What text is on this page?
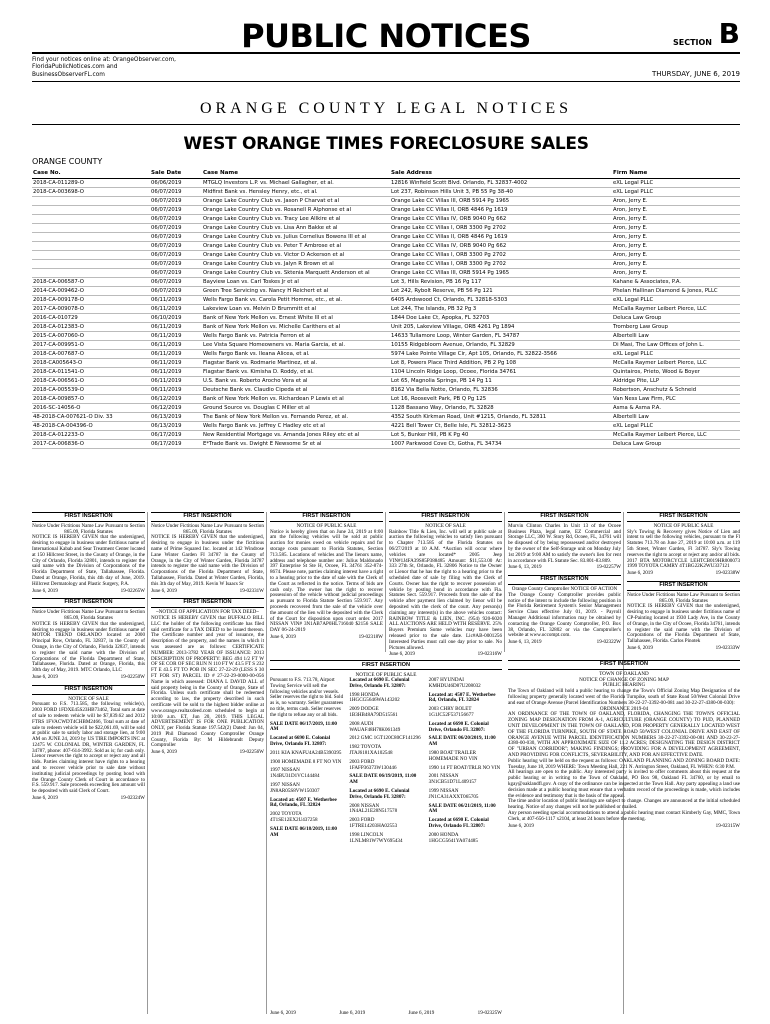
PUBLIC NOTICES	SECTION B
Find your notices online at: OrangeObserver.com,
FloridaPublicNotices.com and
BusinessObserverFL.com	THURSDAY, JUNE 6, 2019
ORANGE COUNTY LEGAL NOTICES
WEST ORANGE TIMES FORECLOSURE SALES
ORANGE COUNTY
Case No.	Sale Date	Case Name	Sale Address	Firm Name
2018-CA-011289-O	06/06/2019	MTGLQ Investors L.P. vs. Michael Gallagher, et al.	12816 Winfield Scott Blvd. Orlando, FL 32837-4002	eXL Legal PLLC
2018-CA-003698-O	06/07/2019	Midfirst Bank vs. Hensley Henry, etc., et al.	Lot 237, Robinson Hills Unit 3, PB 55 Pg 38-40	eXL Legal PLLC
	06/07/2019	Orange Lake Country Club vs. Jason P Charvat et al	Orange Lake CC Villas III, ORB 5914 Pg 1965	Aron, Jerry E.
	06/07/2019	Orange Lake Country Club vs. Rosanell R Alphonse et al	Orange Lake CC Villas II, ORB 4846 Pg 1619	Aron, Jerry E.
	06/07/2019	Orange Lake Country Club vs. Tracy Lee Allkire et al	Orange Lake CC Villas IV, ORB 9040 Pg 662	Aron, Jerry E.
	06/07/2019	Orange Lake Country Club vs. Lisa Ann Bakke et al	Orange Lake CC Villas I, ORB 3300 Pg 2702	Aron, Jerry E.
	06/07/2019	Orange Lake Country Club vs. Julius Cornelius Bowens III et al	Orange Lake CC Villas II, ORB 4846 Pg 1619	Aron, Jerry E.
	06/07/2019	Orange Lake Country Club vs. Peter T Ambrose et al	Orange Lake CC Villas IV, ORB 9040 Pg 662	Aron, Jerry E.
	06/07/2019	Orange Lake Country Club vs. Victor D Ackerson et al	Orange Lake CC Villas I, ORB 3300 Pg 2702	Aron, Jerry E.
	06/07/2019	Orange Lake Country Club vs. Jalyn R Brown et al	Orange Lake CC Villas I, ORB 3300 Pg 2702	Aron, Jerry E.
	06/07/2019	Orange Lake Country Club vs. Sktenia Marquett Anderson et al	Orange Lake CC Villas III, ORB 5914 Pg 1965	Aron, Jerry E.
2018-CA-006587-O	06/07/2019	Bayview Loan vs. Carl Toskes Jr et al	Lot 3, Hills Revision, PB 16 Pg 117	Kahane & Associates, P.A.
2014-CA-009462-O	06/07/2019	Green Tree Servicing vs. Nancy H Reichert et al	Lot 242, Rybolt Reserve, PB 56 Pg 121	Phelan Hallinan Diamond & Jones, PLLC
2018-CA-009178-O	06/11/2019	Wells Fargo Bank vs. Carola Petit Homme, etc., et al.	6405 Ardswood Ct, Orlando, FL 32818-5303	eXL Legal PLLC
2017-CA-009078-O	06/11/2019	Lakeview Loan vs. Melvin D Brummitt et al	Lot 244, The Islands, PB 32 Pg 3	McCalla Raymer Leibert Pierce, LLC
2016-CA-010729	06/10/2019	Bank of New York Mellon vs. Ernest White III et al	1844 Doe Lake Ct, Apopka, FL 32703	Deluca Law Group
2018-CA-012383-O	06/11/2019	Bank of New York Mellon vs. Michelle Carithers et al	Unit 205, Lakeview Village, ORB 4261 Pg 1894	Tromberg Law Group
2015-CA-007060-O	06/11/2019	Wells Fargo Bank vs. Patricia Ferron et al	14633 Tullamore Loop, Winter Garden, FL 34787	Albertelli Law
2017-CA-009951-O	06/11/2019	Lee Vista Square Homeowners vs. Maria Garcia, et al.	10155 Ridgebloom Avenue, Orlando, FL 32829	Di Masi, The Law Offices of John L.
2018-CA-007687-O	06/11/2019	Wells Fargo Bank vs. Ileana Alicea, et al.	5974 Lake Pointe Village Cir, Apt 105, Orlando, FL 32822-3566	eXL Legal PLLC
2018-CA005643-O	06/11/2019	Flagstar Bank vs. Rodmarie Martinez, et al.	Lot 8, Powers Place Third Addition, PB 2 Pg 108	McCalla Raymer Leibert Pierce, LLC
2018-CA-011541-O	06/11/2019	Flagstar Bank vs. Kimisha D. Roddy, et al.	1104 Lincoln Ridge Loop, Ocoee, Florida 34761	Quintairos, Prieto, Wood & Boyer
2018-CA-006561-O	06/11/2019	U.S. Bank vs. Roberto Arocho Vera et al	Lot 65, Magnolia Springs, PB 14 Pg 11	Aldridge Pite, LLP
2018-CA-005539-O	06/11/2019	Deutsche Bank vs. Claudio Cipeda et al	8162 Via Bella Notte, Orlando, FL 32836	Robertson, Anschutz & Schneid
2018-CA-009857-O	06/12/2019	Bank of New York Mellon vs. Richardean P Lewis et al	Lot 16, Roosevelt Park, PB Q Pg 125	Van Ness Law Firm, PLC
2016-SC-14056-O	06/12/2019	Ground Source vs. Douglas C Miller et al	1128 Bassano Way, Orlando, FL 32828	Asma & Asma P.A.
48-2018-CA-007621-O Div. 33	06/13/2019	The Bank of New York Mellon vs. Fernando Perez, et al.	4352 South Kirkman Road, Unit #1215, Orlando, FL 32811	Albertelli Law
48-2018-CA-004396-O	06/13/2019	Wells Fargo Bank vs. Jeffrey C Hadley etc et al	4221 Bell Tower Ct, Belle Isle, FL 32812-3623	eXL Legal PLLC
2018-CA-012233-O	06/17/2019	New Residential Mortgage vs. Amanda Jones Riley etc et al	Lot 5, Bunker Hill, PB K Pg 40	McCalla Raymer Leibert Pierce, LLC
2017-CA-006836-O	06/17/2019	E*Trade Bank vs. Dwight E Newsome Sr et al	1007 Parkwood Cove Ct, Gotha, FL 34734	Deluca Law Group
FIRST INSERTION
Notice Under Fictitious Name Law Pursuant to Section 865.09, Florida Statutes
NOTICE IS HEREBY GIVEN that the undersigned, desiring to engage in business under fictitious name of International Kabab and Sear Treatment Center located at 150 Hillcrest Street, in the County of Orange, in the City of Orlando, Florida 32801, intends to register the said name with the Division of Corporations of the Florida Department of State, Tallahassee, Florida. Dated at Orange, Florida, this 4th day of June, 2019. Hillcrest Dermatology and Plastic Surgery, P.A.
June 6, 2019	19-02265W
FIRST INSERTION
Notice Under Fictitious Name Law Pursuant to Section 865.09, Florida Statutes
NOTICE IS HEREBY GIVEN that the undersigned, desiring to engage in business under fictitious name of MOTOR TREND ORLANDO located at 2000 Principal Row, Orlando, FL 32837, in the County of Orange, in the City of Orlando, Florida 32837, intends to register the said name with the Division of Corporations of the Florida Department of State, Tallahassee, Florida. Dated at Orange, Florida, this 30th day of May, 2019. MTC Orlando, LLC
June 6, 2019	19-02250W
FIRST INSERTION
NOTICE OF SALE
Pursuant to F.S. 713.585, the following vehicle(s), 2003 FORD 1FDXE45S23HB73462, Total sum at date of sale to redeem vehicle will be $7,839.62 and 2012 FTRS 1FVACWDT4CHBM2466, Total sum at date of sale to redeem vehicle will be $22,061.69, will be sold at public sale to satisfy labor and storage lien, at 9:00 AM on JUNE 24, 2019 by US TIRE IMPORTS INC at 12475 W. COLONIAL DR, WINTER GARDEN, FL 34787, phone: 407-614-3992. Sold as is; for cash only. Lienor reserves the right to accept or reject any and all bids. Parties claiming interest have rights to a hearing and to recover vehicle prior to sale date without instituting judicial proceedings by posting bond with the Orange County Clerk of Court in accordance to F.S. 559.917. Sale proceeds exceeding lien amount will be deposited with said Clerk of Court.
June 6, 2019	19-02324W
FIRST INSERTION
Notice Under Fictitious Name Law Pursuant to Section 865.09, Florida Statutes
NOTICE IS HEREBY GIVEN that the undersigned, desiring to engage in business under the fictitious name of Prime Squared Inc. located at 142 Windrose Lane Winter Garden FI 34787 in the County of Orange, in the City of Winter Garden, Florida 34787 intends to register the said name with the Division of Corporations of the Florida Department of State, Tallahassee, Florida. Dated at Winter Garden, Florida, this 3th day of May, 2019. Kevin W Isaacs Sr
June 6, 2019	19-02331W
FIRST INSERTION
~NOTICE OF APPLICATION FOR TAX DEED~
NOTICE IS HEREBY GIVEN that BUFFALO BILL LLC the holder of the following certificate has filed said certificate for a TAX DEED to be issued thereon. The Certificate number and year of issuance, the description of the property, and the names in which it was assessed are as follows: CERTIFICATE NUMBER: 2013-3782 YEAR OF ISSUANCE: 2013 DESCRIPTION OF PROPERTY: BEG 494 1/2 FT W OF SE COR OF SEC RUN N 110 FT W 43.5 FT S 232 FT E 43.5 FT TO POB IN SEC 27-22-29 (LESS S 30 FT FOR ST) PARCEL ID # 27-22-29-0000-00-056 Name in which assessed: DIANA L DAVID ALL of said property being in the County of Orange, State of Florida. Unless such certificate shall be redeemed according to law, the property described in such certificate will be sold to the highest bidder online at www.orange.realtaxdeed.com scheduled to begin at 10:00 a.m. ET, Jun 20, 2019. THIS LEGAL ADVERTISEMENT IS FOR ONE PUBLICATION ONLY, per Florida Statute 197.542(2) Dated: Jun 04, 2019 Phil Diamond County Comptroller Orange County, Florida By: M Hildebrandt Deputy Comptroller
June 6, 2019	19-02256W
FIRST INSERTION
NOTICE OF PUBLIC SALE
Notice is hereby given that on June 24, 2019 at 8:00 am the following vehicles will be sold at public auction for monies owed on vehicle repairs and for storage costs pursuant to Florida Statutes, Section 713.585. Locations of vehicles and The lienors name, address and telephone number are: Julius Maldonado 397 Enterprise St Ste H, Ocoee, FL 34761 352-874-8674. Please note, parties claiming interest have a right to a hearing prior to the date of sale with the Clerk of the Court as reflected in the notice. Terms of bids are cash only. The owner has the right to recover possession of the vehicle without judicial proceedings as pursuant to Florida Statute Section 559.917. Any proceeds recovered from the sale of the vehicle over the amount of the lien will be deposited with the Clerk of the Court for disposition upon court order. 2017 NISSAN VIN# 3N1AB7AP0HL716040 $2156 SALE DAY 06-24-2019
June 6, 2019	19-02318W
FIRST INSERTION
NOTICE OF SALE
Rainbow Title & Lien, Inc. will sell at public sale at auction the following vehicles to satisfy lien pursuant to Chapter 713.585 of the Florida Statutes on 06/27/2019 at 10 A.M. *Auction will occur where vehicles are located* 2005 Jeep VIN#1J4FA39S85P388485 Amount: $11,553.00 At: 333 27th St, Orlando, FL 32806 Notice to the Owner or Lienor that he has the right to a hearing prior to the scheduled date of sale by filing with the Clerk of Courts. Owner has the right to recover possession of vehicle by posting bond in accordance with Fla. Statutes Sect. 559.917. Proceeds from the sale of the vehicle after payment lien claimed by lienor will be deposited with the clerk of the court. Any person(s) claiming any interest(s) in the above vehicles contact: RAINBOW TITLE & LIEN, INC. (954) 920-6020 ALL AUCTIONS ARE HELD WITH RESERVE. 25% Buyers Premium Some vehicles may have been released prior to the sale date. Lic#AB-0001256 Interested Parties must call one day prior to sale. No Pictures allowed.
June 6, 2019	19-02316W
FIRST INSERTION
Murvin Clinton Charles In Unit 13 of the Ocoee Business Plaza, legal name, EZ Commercial and Storage LLC, 300 W. Story Rd, Ocoee, FL, 34761 will be disposed of by being repossessed and/or destroyed by the owner of the Self-Storage unit on Monday July 1st 2019 at 9:00 AM to satisfy the owner's lien for rent in accordance with FL Statute Sec. 83.801-83.809.
June 6, 13, 2019	19-02257W
FIRST INSERTION
Orange County Comptroller NOTICE OF ACTION
The Orange County Comptroller provides public notice of the intent to include the following position in the Florida Retirement System's Senior Management Service Class effective July 01, 2019. - Payroll Manager Additional information may be obtained by contacting the Orange County Comptroller, P.O. Box 38, Orlando, FL 32802 or via the Comptroller's website at www.occompt.com.
June 6, 13, 2019	19-02322W
FIRST INSERTION
NOTICE OF PUBLIC SALE
Sly's Towing & Recovery gives Notice of Lien and intent to sell the following vehicles, pursuant to the Fl Statutes 713.78 on June 27, 2019 at 10:00 a.m. at 119 5th Street, Winter Garden, Fl 34787. Sly's Towing reserves the right to accept or reject any and/or all bids. 2017 BTA MOTORCYCLE LEHTCB019HR000073 1999 TOYOTA CAMRY 4T1BG22K2WU337121
June 6, 2019	19-02338W
FIRST INSERTION
Notice Under Fictitious Name Law Pursuant to Section 865.09, Florida Statutes
NOTICE IS HEREBY GIVEN that the undersigned, desiring to engage in business under fictitious name of CP-Painting located at 1930 Lady Ave, in the County of Orange, in the City of Ocoee, Florida 34761, intends to register the said name with the Division of Corporations of the Florida Department of State, Tallahassee, Florida. Carlos Pinotek
June 6, 2019	19-02333W
FIRST INSERTION
NOTICE OF PUBLIC SALE
Pursuant to F.S. 713.78, Airport Towing Service will sell the following vehicles and/or vessels. Seller reserves the right to bid. Sold as is, no warranty. Seller guarantees no title, terms cash. Seller reserves the right to refuse any or all bids.
SALE DATE 06/17/2019, 11:00 AM
Located at 6690 E. Colonial Drive, Orlando FL 32807:
2011 KIA KNAFU4A24B5390395
1900 HOMEMADE 8 FT NO VIN
1997 NISSAN 1N4BU31D1VC144484
1997 NISSAN JN8AR05S8VW150307
Located at: 4507 E. Wetherbee Rd, Orlando, FL 32824
2002 TOYOTA 4T1SE12EX2U437258
SALE DATE 06/18/2019, 11:00 AM
Located at 6690 E. Colonial Drive, Orlando FL 32807:
1998 HONDA 1HGCG5646WA143202
2009 DODGE 1B3HB48A79D515561
2008 AUDI WAUAF48H78K061349
2012 GMC 1GT120C80CF141296
1982 TOYOTA JTAJ6181XA102548
2003 FORD 1FAFP36373W130446
SALE DATE 06/19/2019, 11:00 AM
Located at 6690 E. Colonial Drive, Orlando FL 32807:
2008 NISSAN 1N4AL21E28N517578
2003 FORD 1FTRE14203HA02553
1998 LINCOLN 1LNLM81W7WY695434
2007 HYUNDAI KMHDU46D87U208032
Located at: 4507 E. Wetherbee Rd, Orlando, FL 32824
2003 CHRY BOLET 1G1JC52F537156677
Located at 6690 E. Colonial Drive, Orlando FL 32807:
SALE DATE 06/20/2019, 11:00 AM
1980 BOAT TRAILER HOMEMADE NO VIN
1990 14 FT BOAT/TRLR NO VIN
2001 NISSAN 3N1CB51D71L409157
1999 NISSAN JN1CA31AXXT065705
SALE DATE 06/21/2019, 11:00 AM
Located at 6690 E. Colonial Drive, Orlando FL 32807:
2000 HONDA 1HGCG5641YA074485
June 6, 2019	June 6, 2019	June 6, 2019	19-02325W
FIRST INSERTION
TOWN OF OAKLAND
NOTICE OF CHANGE OF ZONING MAP
PUBLIC HEARING
The Town of Oakland will hold a public hearing to change the Town's Official Zoning Map Designation of the following property generally located west of the Florida Turnpike, south of State Road 50/West Colonial Drive and east of Orange Avenue (Parcel Identification Numbers 30-22-27-3392-00-081 and 30-22-27-4380-00-030):
ORDINANCE 2019-04
AN ORDINANCE OF THE TOWN OF OAKLAND, FLORIDA, CHANGING THE TOWN'S OFFICIAL ZONING MAP DESIGNATION FROM A-1, AGRICULTURE (ORANGE COUNTY) TO PUD, PLANNED UNIT DEVELOPMENT IN THE TOWN OF OAKLAND, FOR PROPERTY GENERALLY LOCATED WEST OF THE FLORIDA TURNPIKE, SOUTH OF STATE ROAD 50/WEST COLONIAL DRIVE AND EAST OF ORANGE AVENUE WITH PARCEL IDENTIFICATION NUMBERS 30-22-27-3392-00-081 AND 30-22-27-4380-00-030, WITH AN APPROXIMATE SIZE OF 11.2 ACRES; DESIGNATING THE DESIGN DISTRICT OF "URBAN CORRIDOR"; MAKING FINDINGS; PROVIDING FOR A DEVELOPMENT AGREEMENT, AND PROVIDING FOR CONFLICTS, SEVERABILITY, AND FOR AN EFFECTIVE DATE.
Public hearing will be held on the request as follows: OAKLAND PLANNING AND ZONING BOARD DATE: Tuesday, June 18, 2019 WHERE: Town Meeting Hall, 221 N. Arrington Street, Oakland, FL WHEN: 6:30 P.M.
All hearings are open to the public. Any interested party is invited to offer comments about this request at the public hearing or in writing to the Town of Oakland, PO Box 98, Oakland FL 34760, or by email to kgay@oaklandfl.gov. A copy of the ordinance can be inspected at the Town Hall. Any party appealing a land use decision made at a public hearing must ensure that a verbatim record of the proceedings is made, which includes the evidence and testimony that is the basis of the appeal.
The time and/or location of public hearings are subject to change. Changes are announced at the initial scheduled hearing. Notice of any changes will not be published or mailed.
Any person needing special accommodations to attend a public hearing must contact Kimberly Gay, MMC, Town Clerk, at 407-656-1117 x2104, at least 24 hours before the meeting.
June 6, 2019	19-02315W
